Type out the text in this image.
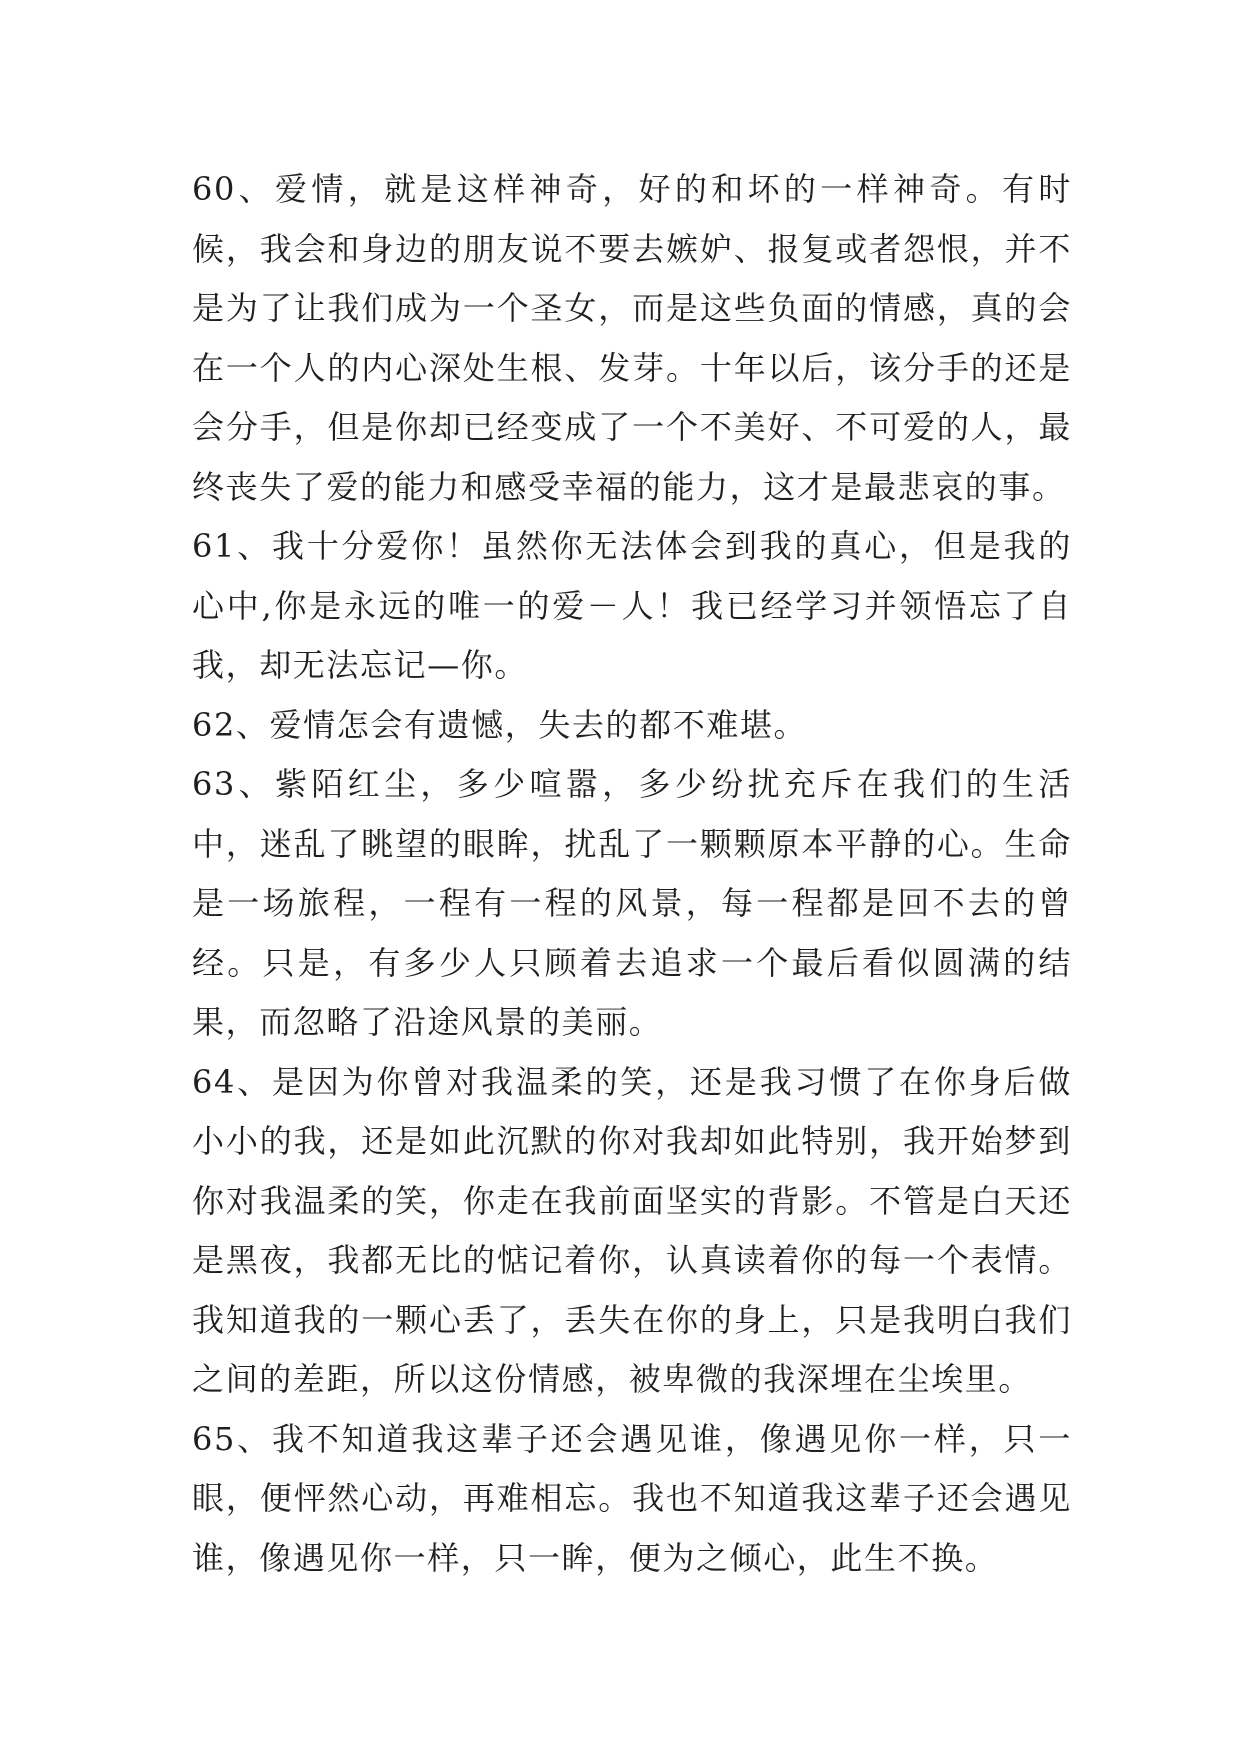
60、爱情，就是这样神奇，好的和坏的一样神奇。有时候，我会和身边的朋友说不要去嫉妒、报复或者怨恨，并不是为了让我们成为一个圣女，而是这些负面的情感，真的会在一个人的内心深处生根、发芽。十年以后，该分手的还是会分手，但是你却已经变成了一个不美好、不可爱的人，最终丧失了爱的能力和感受幸福的能力，这才是最悲哀的事。

61、我十分爱你！虽然你无法体会到我的真心，但是我的心中,你是永远的唯一的爱－人！我已经学习并领悟忘了自我，却无法忘记—你。

62、爱情怎会有遗憾，失去的都不难堪。

63、紫陌红尘，多少喧嚣，多少纷扰充斥在我们的生活中，迷乱了眺望的眼眸，扰乱了一颗颗原本平静的心。生命是一场旅程，一程有一程的风景，每一程都是回不去的曾经。只是，有多少人只顾着去追求一个最后看似圆满的结果，而忽略了沿途风景的美丽。

64、是因为你曾对我温柔的笑，还是我习惯了在你身后做小小的我，还是如此沉默的你对我却如此特别，我开始梦到你对我温柔的笑，你走在我前面坚实的背影。不管是白天还是黑夜，我都无比的惦记着你，认真读着你的每一个表情。我知道我的一颗心丢了，丢失在你的身上，只是我明白我们之间的差距，所以这份情感，被卑微的我深埋在尘埃里。

65、我不知道我这辈子还会遇见谁，像遇见你一样，只一眼，便怦然心动，再难相忘。我也不知道我这辈子还会遇见谁，像遇见你一样，只一眸，便为之倾心，此生不换。
